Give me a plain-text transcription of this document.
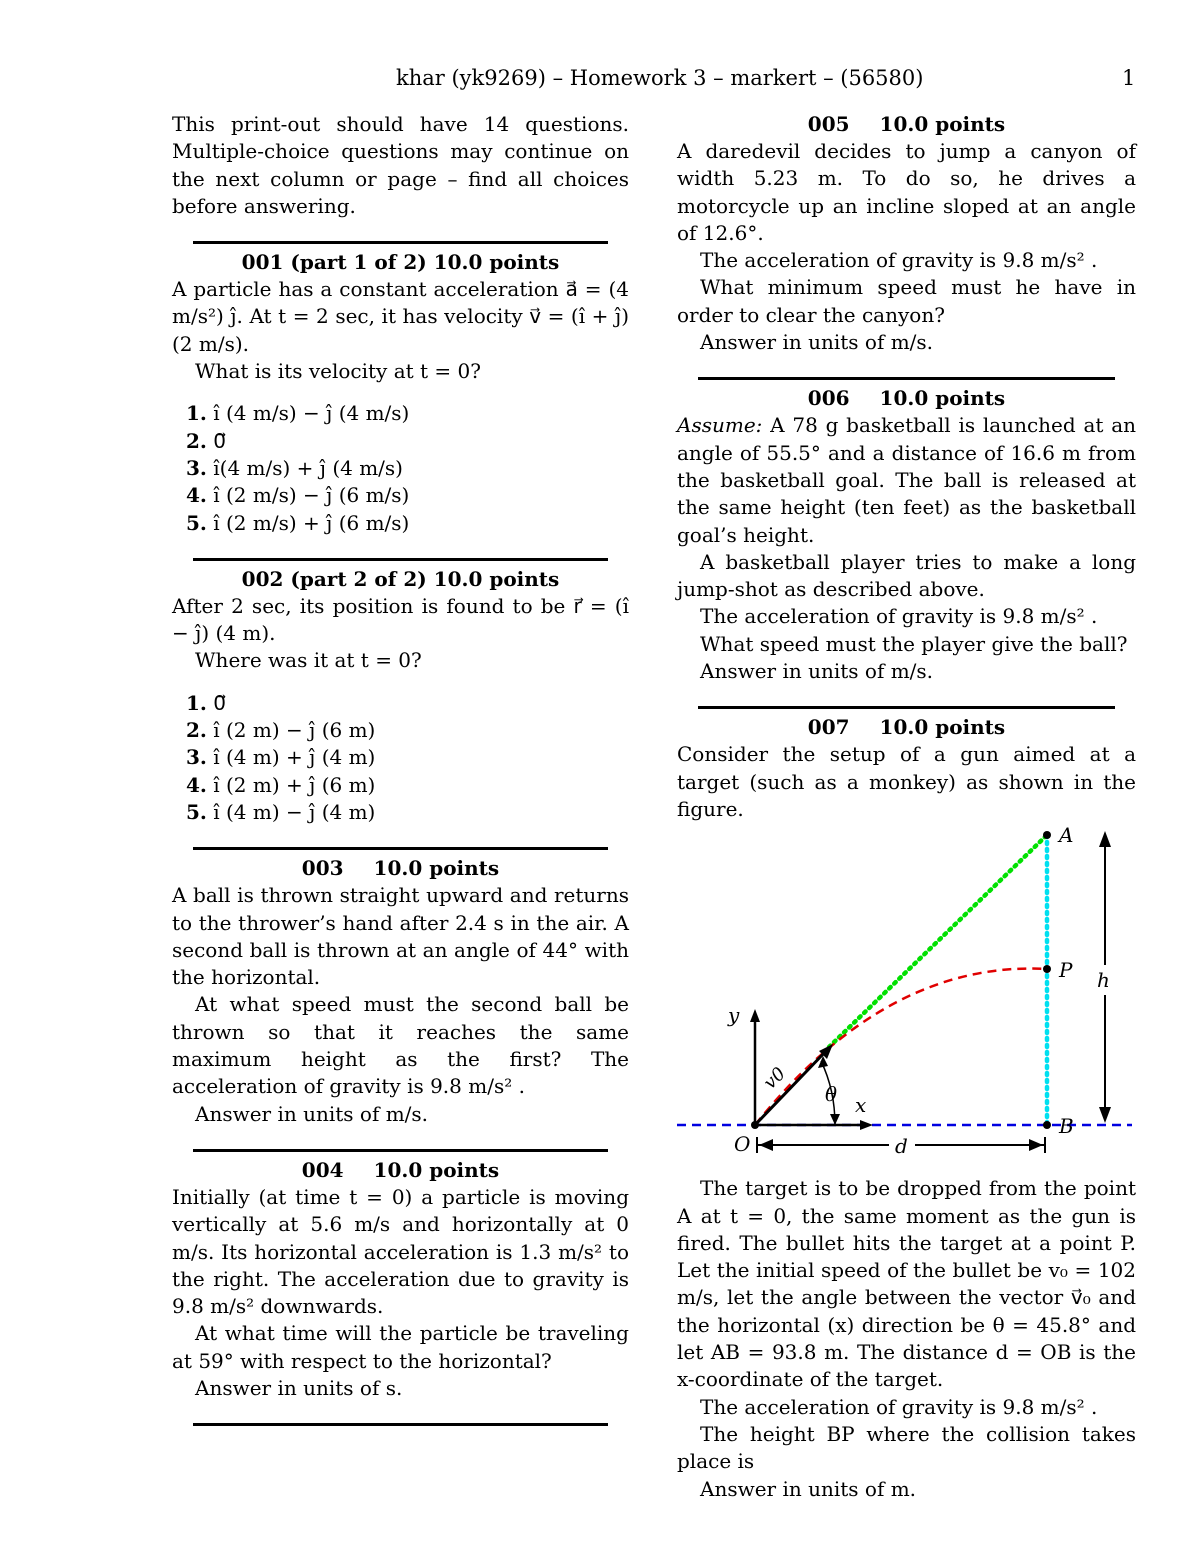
khar (yk9269) – Homework 3 – markert – (56580)	1

This print-out should have 14 questions. Multiple-choice questions may continue on the next column or page – find all choices before answering.

001 (part 1 of 2) 10.0 points

A particle has a constant acceleration a⃗ = (4 m/s²) ĵ. At t = 2 sec, it has velocity v⃗ = (î + ĵ) (2 m/s).

What is its velocity at t = 0?

1. î (4 m/s) − ĵ (4 m/s)
2. 0⃗
3. î(4 m/s) + ĵ (4 m/s)
4. î (2 m/s) − ĵ (6 m/s)
5. î (2 m/s) + ĵ (6 m/s)
002 (part 2 of 2) 10.0 points

After 2 sec, its position is found to be r⃗ = (î − ĵ) (4 m).

Where was it at t = 0?

1. 0⃗
2. î (2 m) − ĵ (6 m)
3. î (4 m) + ĵ (4 m)
4. î (2 m) + ĵ (6 m)
5. î (4 m) − ĵ (4 m)
003 10.0 points

A ball is thrown straight upward and returns to the thrower’s hand after 2.4 s in the air. A second ball is thrown at an angle of 44° with the horizontal.

At what speed must the second ball be thrown so that it reaches the same maximum height as the first? The acceleration of gravity is 9.8 m/s² .

Answer in units of m/s.

004 10.0 points

Initially (at time t = 0) a particle is moving vertically at 5.6 m/s and horizontally at 0 m/s. Its horizontal acceleration is 1.3 m/s² to the right. The acceleration due to gravity is 9.8 m/s² downwards.

At what time will the particle be traveling at 59° with respect to the horizontal?

Answer in units of s.

005 10.0 points

A daredevil decides to jump a canyon of width 5.23 m. To do so, he drives a motorcycle up an incline sloped at an angle of 12.6°.

The acceleration of gravity is 9.8 m/s² .

What minimum speed must he have in order to clear the canyon?

Answer in units of m/s.

006 10.0 points

Assume: A 78 g basketball is launched at an angle of 55.5° and a distance of 16.6 m from the basketball goal. The ball is released at the same height (ten feet) as the basketball goal’s height.

A basketball player tries to make a long jump-shot as described above.

The acceleration of gravity is 9.8 m/s² .

What speed must the player give the ball?

Answer in units of m/s.

007 10.0 points

Consider the setup of a gun aimed at a target (such as a monkey) as shown in the figure.

A
P
B
O
h
d
y
x
θ
v0

The target is to be dropped from the point A at t = 0, the same moment as the gun is fired. The bullet hits the target at a point P. Let the initial speed of the bullet be v₀ = 102 m/s, let the angle between the vector v⃗₀ and the horizontal (x) direction be θ = 45.8° and let AB = 93.8 m. The distance d = OB is the x-coordinate of the target.

The acceleration of gravity is 9.8 m/s² .

The height BP where the collision takes place is

Answer in units of m.
